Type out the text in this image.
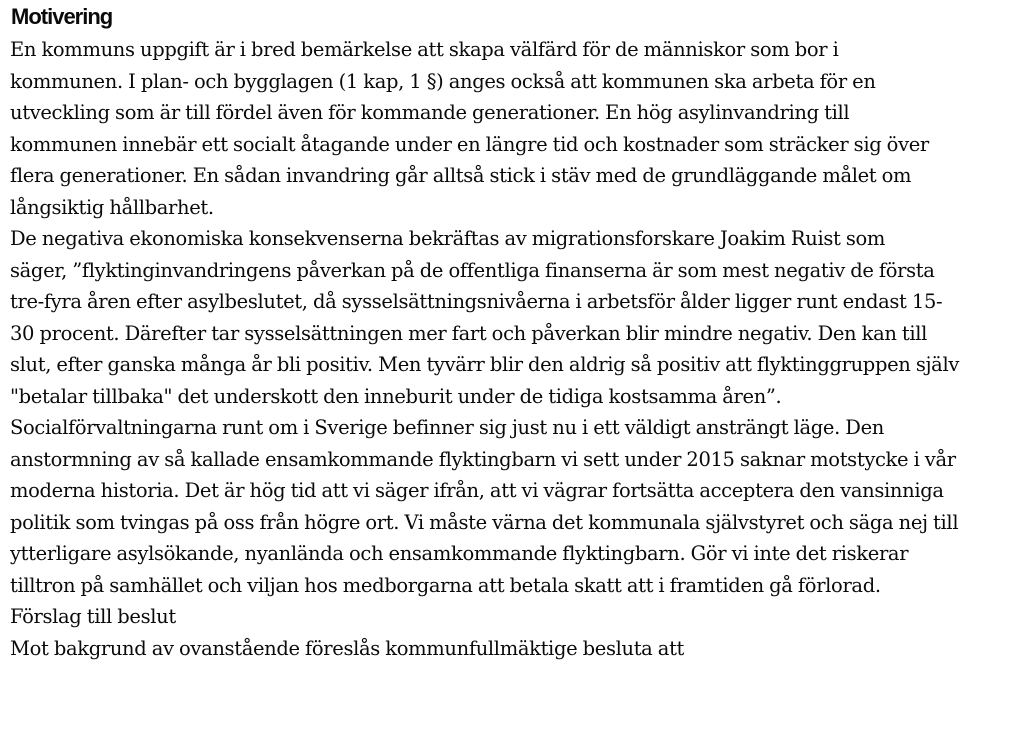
Motivering
En kommuns uppgift är i bred bemärkelse att skapa välfärd för de människor som bor i
kommunen. I plan- och bygglagen (1 kap, 1 §) anges också att kommunen ska arbeta för en
utveckling som är till fördel även för kommande generationer. En hög asylinvandring till
kommunen innebär ett socialt åtagande under en längre tid och kostnader som sträcker sig över
flera generationer. En sådan invandring går alltså stick i stäv med de grundläggande målet om
långsiktig hållbarhet.
De negativa ekonomiska konsekvenserna bekräftas av migrationsforskare Joakim Ruist som
säger, ”flyktinginvandringens påverkan på de offentliga finanserna är som mest negativ de första
tre-fyra åren efter asylbeslutet, då sysselsättningsnivåerna i arbetsför ålder ligger runt endast 15-
30 procent. Därefter tar sysselsättningen mer fart och påverkan blir mindre negativ. Den kan till
slut, efter ganska många år bli positiv. Men tyvärr blir den aldrig så positiv att flyktinggruppen själv
"betalar tillbaka" det underskott den inneburit under de tidiga kostsamma åren”.
Socialförvaltningarna runt om i Sverige befinner sig just nu i ett väldigt ansträngt läge. Den
anstormning av så kallade ensamkommande flyktingbarn vi sett under 2015 saknar motstycke i vår
moderna historia. Det är hög tid att vi säger ifrån, att vi vägrar fortsätta acceptera den vansinniga
politik som tvingas på oss från högre ort. Vi måste värna det kommunala självstyret och säga nej till
ytterligare asylsökande, nyanlända och ensamkommande flyktingbarn. Gör vi inte det riskerar
tilltron på samhället och viljan hos medborgarna att betala skatt att i framtiden gå förlorad.
Förslag till beslut
Mot bakgrund av ovanstående föreslås kommunfullmäktige besluta att
